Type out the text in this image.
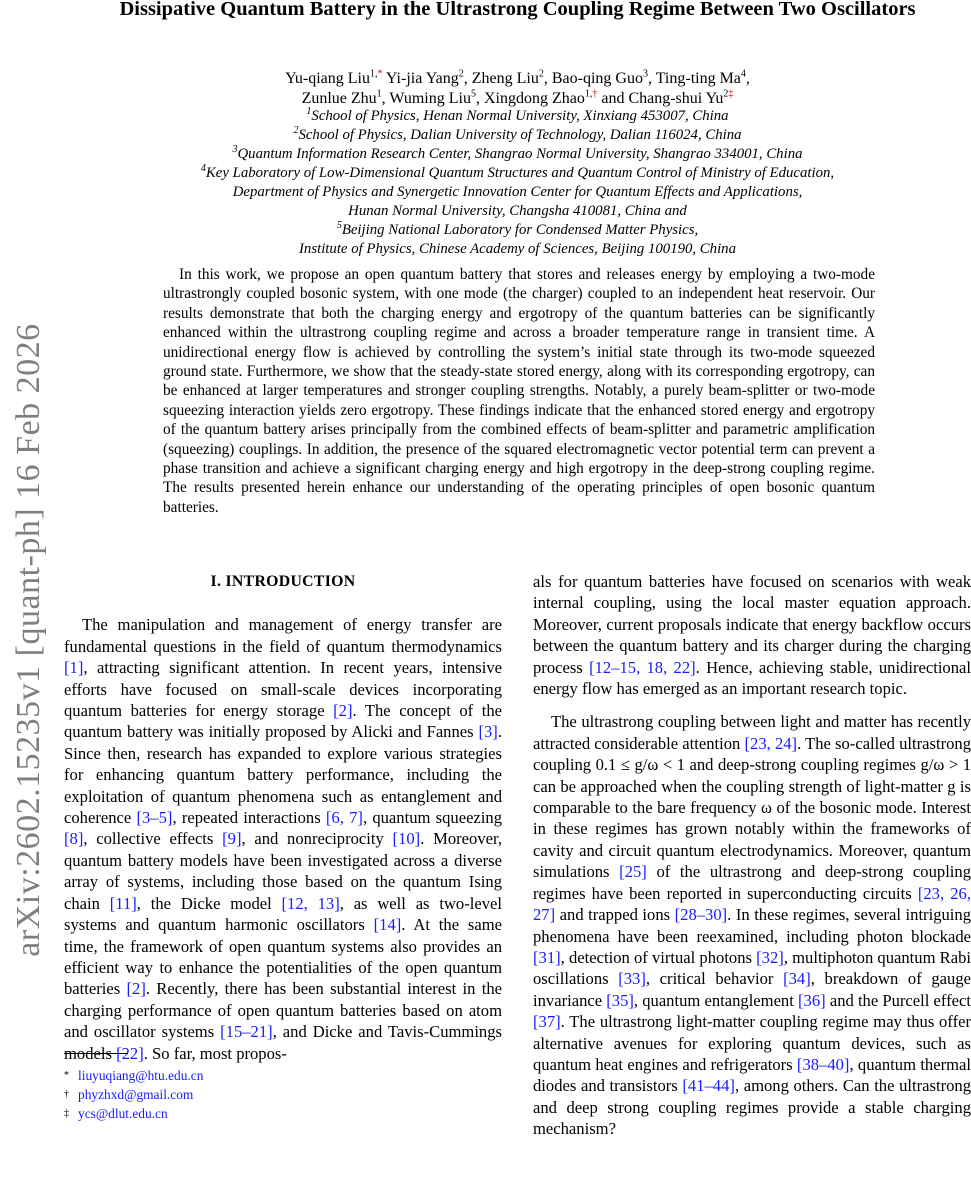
arXiv:2602.15235v1 [quant-ph] 16 Feb 2026
Dissipative Quantum Battery in the Ultrastrong Coupling Regime Between Two Oscillators
Yu-qiang Liu$^{1,*}$ Yi-jia Yang$^2$, Zheng Liu$^2$, Bao-qing Guo$^3$, Ting-ting Ma$^4$,
Zunlue Zhu$^1$, Wuming Liu$^5$, Xingdong Zhao$^{1,\dagger}$ and Chang-shui $Yu^{2\ddagger}$
$^1$School of Physics, Henan Normal University, Xinxiang 453007, China
$^2$School of Physics, Dalian University of Technology, Dalian 116024, China
$^3$Quantum Information Research Center, Shangrao Normal University, Shangrao 334001, China
$^4$Key Laboratory of Low-Dimensional Quantum Structures and Quantum Control of Ministry of Education,
Department of Physics and Synergetic Innovation Center for Quantum Effects and Applications,
Hunan Normal University, Changsha 410081, China and
$^5$Beijing National Laboratory for Condensed Matter Physics,
Institute of Physics, Chinese Academy of Sciences, Beijing 100190, China

In this work, we propose an open quantum battery that stores and releases energy by employing a two-mode ultrastrongly coupled bosonic system, with one mode (the charger) coupled to an independent heat reservoir. Our results demonstrate that both the charging energy and ergotropy of the quantum batteries can be significantly enhanced within the ultrastrong coupling regime and across a broader temperature range in transient time. A unidirectional energy flow is achieved by controlling the system’s initial state through its two-mode squeezed ground state. Furthermore, we show that the steady-state stored energy, along with its corresponding ergotropy, can be enhanced at larger temperatures and stronger coupling strengths. Notably, a purely beam-splitter or two-mode squeezing interaction yields zero ergotropy. These findings indicate that the enhanced stored energy and ergotropy of the quantum battery arises principally from the combined effects of beam-splitter and parametric amplification (squeezing) couplings. In addition, the presence of the squared electromagnetic vector potential term can prevent a phase transition and achieve a significant charging energy and high ergotropy in the deep-strong coupling regime. The results presented herein enhance our understanding of the operating principles of open bosonic quantum batteries.

I. INTRODUCTION

The manipulation and management of energy transfer are fundamental questions in the field of quantum thermodynamics [1], attracting significant attention. In recent years, intensive efforts have focused on small-scale devices incorporating quantum batteries for energy storage [2]. The concept of the quantum battery was initially proposed by Alicki and Fannes [3]. Since then, research has expanded to explore various strategies for enhancing quantum battery performance, including the exploitation of quantum phenomena such as entanglement and coherence [3–5], repeated interactions [6, 7], quantum squeezing [8], collective effects [9], and nonreciprocity [10]. Moreover, quantum battery models have been investigated across a diverse array of systems, including those based on the quantum Ising chain [11], the Dicke model [12, 13], as well as two-level systems and quantum harmonic oscillators [14]. At the same time, the framework of open quantum systems also provides an efficient way to enhance the potentialities of the open quantum batteries [2]. Recently, there has been substantial interest in the charging performance of open quantum batteries based on atom and oscillator systems [15–21], and Dicke and Tavis-Cummings models [22]. So far, most propos-

als for quantum batteries have focused on scenarios with weak internal coupling, using the local master equation approach. Moreover, current proposals indicate that energy backflow occurs between the quantum battery and its charger during the charging process [12–15, 18, 22]. Hence, achieving stable, unidirectional energy flow has emerged as an important research topic.

The ultrastrong coupling between light and matter has recently attracted considerable attention [23, 24]. The so-called ultrastrong coupling 0.1 ≤ g/ω < 1 and deep-strong coupling regimes g/ω > 1 can be approached when the coupling strength of light-matter g is comparable to the bare frequency ω of the bosonic mode. Interest in these regimes has grown notably within the frameworks of cavity and circuit quantum electrodynamics. Moreover, quantum simulations [25] of the ultrastrong and deep-strong coupling regimes have been reported in superconducting circuits [23, 26, 27] and trapped ions [28–30]. In these regimes, several intriguing phenomena have been reexamined, including photon blockade [31], detection of virtual photons [32], multiphoton quantum Rabi oscillations [33], critical behavior [34], breakdown of gauge invariance [35], quantum entanglement [36] and the Purcell effect [37]. The ultrastrong light-matter coupling regime may thus offer alternative avenues for exploring quantum devices, such as quantum heat engines and refrigerators [38–40], quantum thermal diodes and transistors [41–44], among others. Can the ultrastrong and deep strong coupling regimes provide a stable charging mechanism?

* liuyuqiang@htu.edu.cn
† phyzhxd@gmail.com
‡ ycs@dlut.edu.cn
